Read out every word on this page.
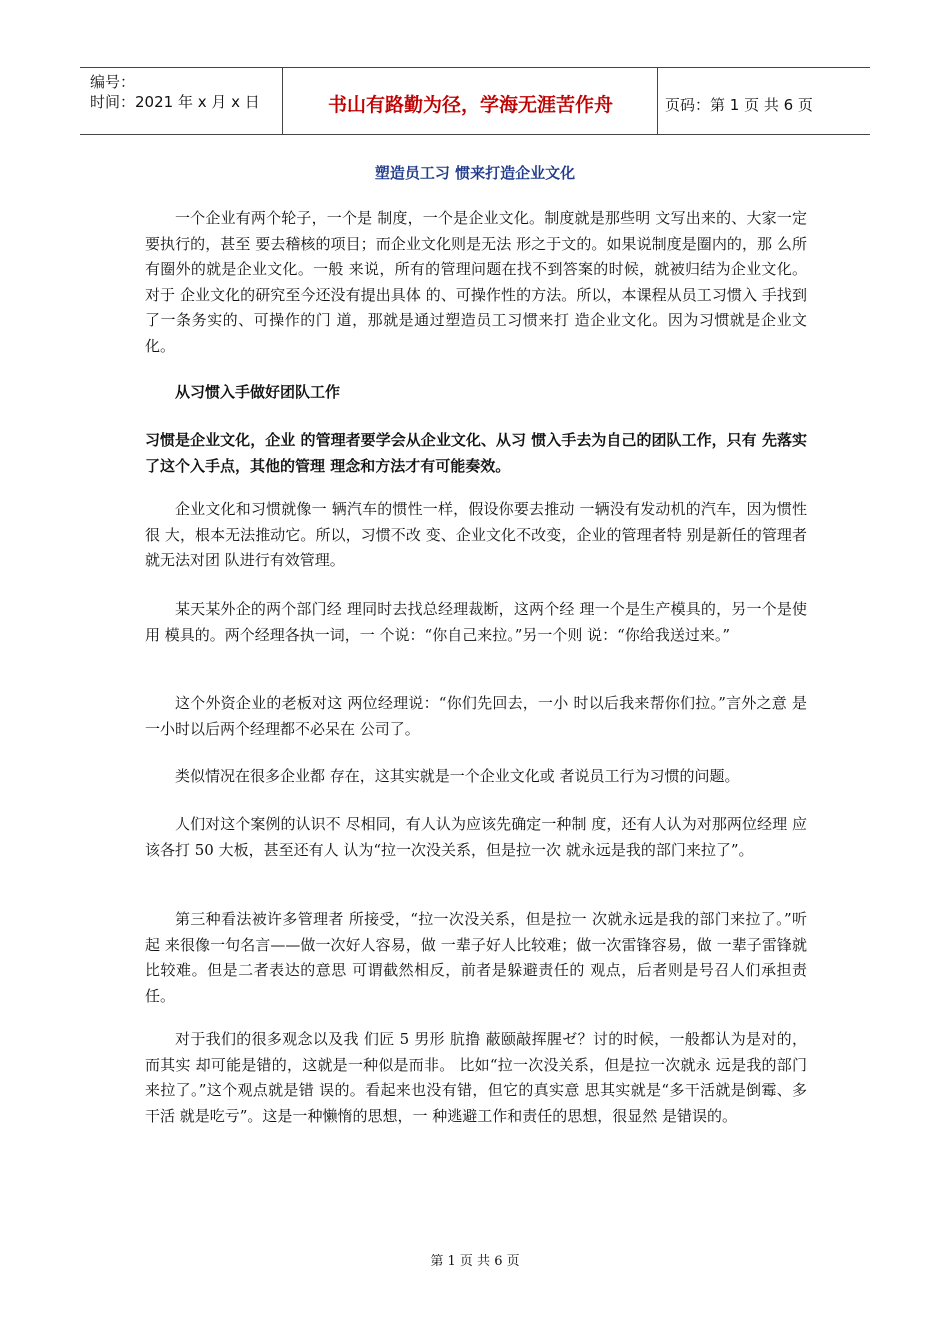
编号：
时间：2021 年 x 月 x 日	书山有路勤为径，学海无涯苦作舟	页码：第 1 页 共 6 页
塑造员工习 惯来打造企业文化
一个企业有两个轮子，一个是 制度，一个是企业文化。制度就是那些明 文写出来的、大家一定要执行的，甚至 要去稽核的项目；而企业文化则是无法 形之于文的。如果说制度是圈内的，那 么所有圈外的就是企业文化。一般 来说，所有的管理问题在找不到答案的时候，就被归结为企业文化。对于 企业文化的研究至今还没有提出具体 的、可操作性的方法。所以，本课程从员工习惯入 手找到了一条务实的、可操作的门 道，那就是通过塑造员工习惯来打 造企业文化。因为习惯就是企业文化。
从习惯入手做好团队工作
习惯是企业文化，企业 的管理者要学会从企业文化、从习 惯入手去为自己的团队工作，只有 先落实了这个入手点，其他的管理 理念和方法才有可能奏效。
企业文化和习惯就像一 辆汽车的惯性一样，假设你要去推动 一辆没有发动机的汽车，因为惯性很 大，根本无法推动它。所以，习惯不改 变、企业文化不改变，企业的管理者特 别是新任的管理者就无法对团 队进行有效管理。
某天某外企的两个部门经 理同时去找总经理裁断，这两个经 理一个是生产模具的，另一个是使用 模具的。两个经理各执一词，一 个说：“你自己来拉。”另一个则 说：“你给我送过来。”
这个外资企业的老板对这 两位经理说：“你们先回去，一小 时以后我来帮你们拉。”言外之意 是一小时以后两个经理都不必呆在 公司了。
类似情况在很多企业都 存在，这其实就是一个企业文化或 者说员工行为习惯的问题。
人们对这个案例的认识不 尽相同，有人认为应该先确定一种制 度，还有人认为对那两位经理 应该各打 50 大板，甚至还有人 认为“拉一次没关系，但是拉一次 就永远是我的部门来拉了”。
第三种看法被许多管理者 所接受，“拉一次没关系，但是拉一 次就永远是我的部门来拉了。”听起 来很像一句名言——做一次好人容易，做 一辈子好人比较难；做一次雷锋容易，做 一辈子雷锋就比较难。但是二者表达的意思 可谓截然相反，前者是躲避责任的 观点，后者则是号召人们承担责任。
对于我们的很多观念以及我 们匠 5 男形 肮撸 蔽颐敲挥腥ゼ？讨的时候，一般都认为是对的，而其实 却可能是错的，这就是一种似是而非。 比如“拉一次没关系，但是拉一次就永 远是我的部门来拉了。”这个观点就是错 误的。看起来也没有错，但它的真实意 思其实就是“多干活就是倒霉、多干活 就是吃亏”。这是一种懒惰的思想，一 种逃避工作和责任的思想，很显然 是错误的。
第 1 页 共 6 页
